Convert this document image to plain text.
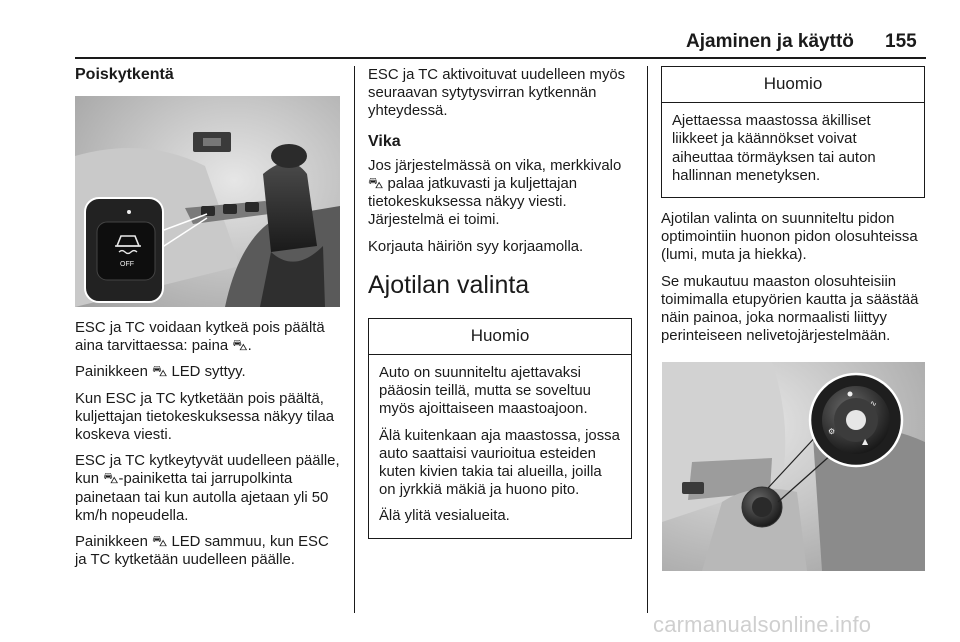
Ajaminen ja käyttö 155
Poiskytkentä
OFF

ESC ja TC voidaan kytkeä pois päältä aina tarvittaessa: paina ⛍.

Painikkeen ⛍ LED syttyy.

Kun ESC ja TC kytketään pois päältä, kuljettajan tietokeskuksessa näkyy tilaa koskeva viesti.

ESC ja TC kytkeytyvät uudelleen päälle, kun ⛍-painiketta tai jarrupolkinta painetaan tai kun autolla ajetaan yli 50 km/h nopeudella.

Painikkeen ⛍ LED sammuu, kun ESC ja TC kytketään uudelleen päälle.

ESC ja TC aktivoituvat uudelleen myös seuraavan sytytysvirran kytkennän yhteydessä.

Vika

Jos järjestelmässä on vika, merkkivalo ⛍ palaa jatkuvasti ja kuljettajan tietokeskuksessa näkyy viesti. Järjestelmä ei toimi.

Korjauta häiriön syy korjaamolla.

Ajotilan valinta
Huomio

Auto on suunniteltu ajettavaksi pääosin teillä, mutta se soveltuu myös ajoittaiseen maastoajoon.

Älä kuitenkaan aja maastossa, jossa auto saattaisi vaurioitua esteiden kuten kivien takia tai alueilla, joilla on jyrkkiä mäkiä ja huono pito.

Älä ylitä vesialueita.

Huomio

Ajettaessa maastossa äkilliset liikkeet ja käännökset voivat aiheuttaa törmäyksen tai auton hallinnan menetyksen.

Ajotilan valinta on suunniteltu pidon optimointiin huonon pidon olosuhteissa (lumi, muta ja hiekka).

Se mukautuu maaston olosuhteisiin toimimalla etupyörien kautta ja säästää näin painoa, joka normaalisti liittyy perinteiseen nelivetojärjestelmään.

⚙
∿
▲
carmanualsonline.info
